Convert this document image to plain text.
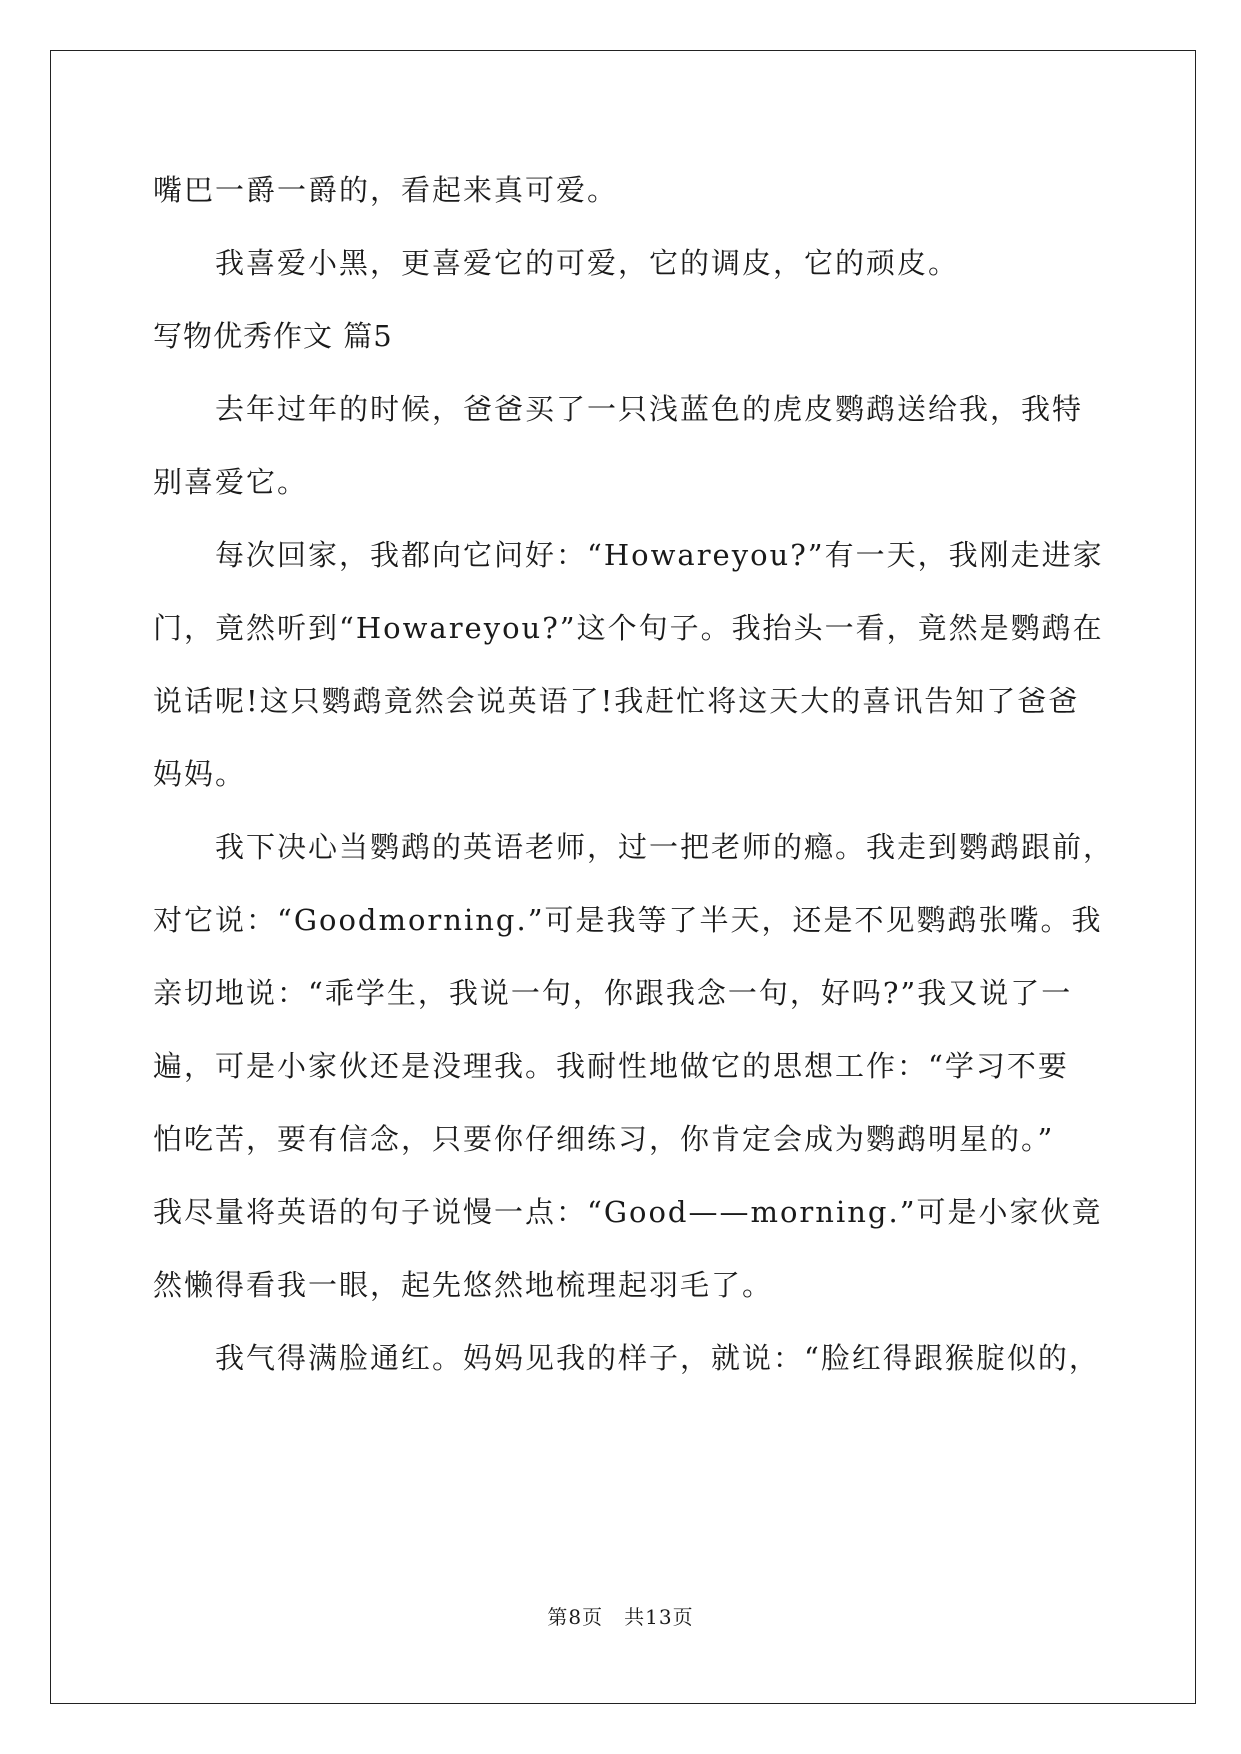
嘴巴一爵一爵的，看起来真可爱。
我喜爱小黑，更喜爱它的可爱，它的调皮，它的顽皮。
写物优秀作文 篇5
去年过年的时候，爸爸买了一只浅蓝色的虎皮鹦鹉送给我，我特
别喜爱它。
每次回家，我都向它问好：“Howareyou?”有一天，我刚走进家
门，竟然听到“Howareyou?”这个句子。我抬头一看，竟然是鹦鹉在
说话呢!这只鹦鹉竟然会说英语了!我赶忙将这天大的喜讯告知了爸爸
妈妈。
我下决心当鹦鹉的英语老师，过一把老师的瘾。我走到鹦鹉跟前，
对它说：“Goodmorning.”可是我等了半天，还是不见鹦鹉张嘴。我
亲切地说：“乖学生，我说一句，你跟我念一句，好吗?”我又说了一
遍，可是小家伙还是没理我。我耐性地做它的思想工作：“学习不要
怕吃苦，要有信念，只要你仔细练习，你肯定会成为鹦鹉明星的。”
我尽量将英语的句子说慢一点：“Good——morning.”可是小家伙竟
然懒得看我一眼，起先悠然地梳理起羽毛了。
我气得满脸通红。妈妈见我的样子，就说：“脸红得跟猴腚似的，
第8页　共13页
